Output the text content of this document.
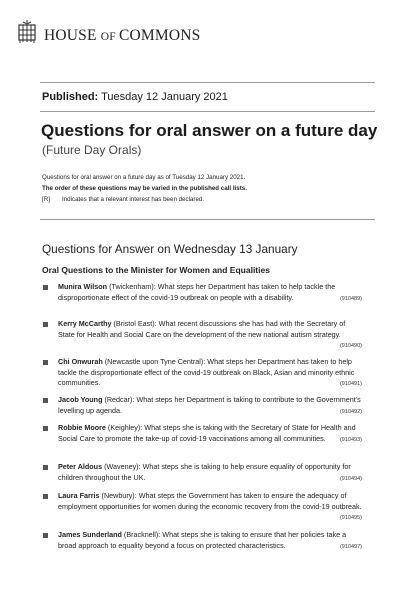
HOUSE OF COMMONS
Published: Tuesday 12 January 2021
Questions for oral answer on a future day
(Future Day Orals)
Questions for oral answer on a future day as of Tuesday 12 January 2021.
The order of these questions may be varied in the published call lists.
[R] Indicates that a relevant interest has been declared.
Questions for Answer on Wednesday 13 January
Oral Questions to the Minister for Women and Equalities
Munira Wilson (Twickenham): What steps her Department has taken to help tackle the disproportionate effect of the covid-19 outbreak on people with a disability.	(910489)
Kerry McCarthy (Bristol East): What recent discussions she has had with the Secretary of State for Health and Social Care on the development of the new national autism strategy.
(910490)
Chi Onwurah (Newcastle upon Tyne Central): What steps her Department has taken to help tackle the disproportionate effect of the covid-19 outbreak on Black, Asian and minority ethnic communities.	(910491)
Jacob Young (Redcar): What steps her Department is taking to contribute to the Government's levelling up agenda.	(910492)
Robbie Moore (Keighley): What steps she is taking with the Secretary of State for Health and Social Care to promote the take-up of covid-19 vaccinations among all communities.	(910493)
Peter Aldous (Waveney): What steps she is taking to help ensure equality of opportunity for children throughout the UK.	(910494)
Laura Farris (Newbury): What steps the Government has taken to ensure the adequacy of employment opportunities for women during the economic recovery from the covid-19 outbreak.
(910495)
James Sunderland (Bracknell): What steps she is taking to ensure that her policies take a broad approach to equality beyond a focus on protected characteristics.	(910497)
